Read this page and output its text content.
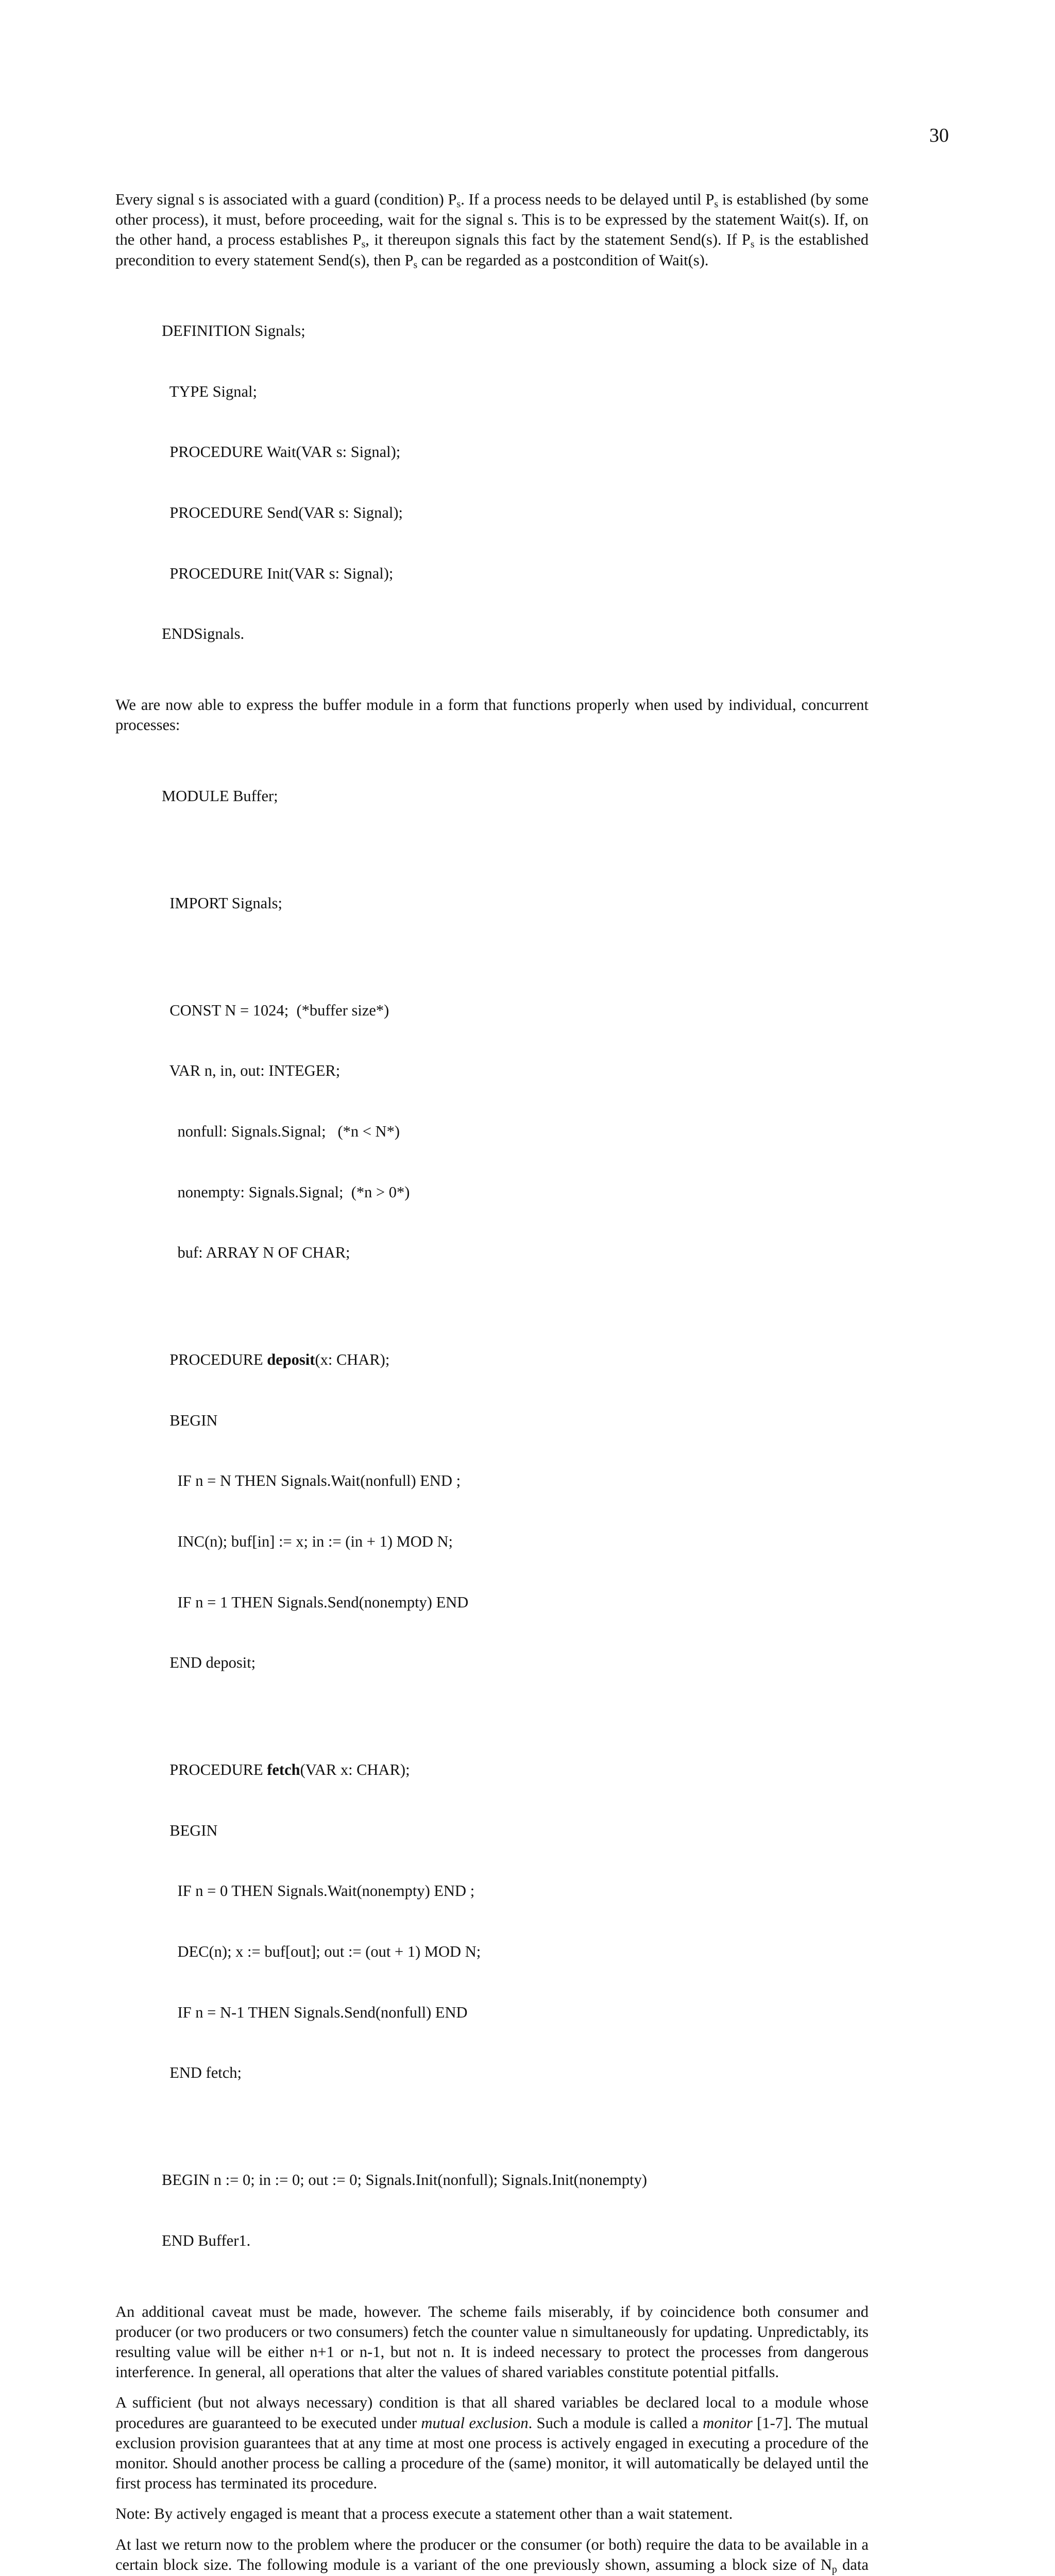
30

Every signal s is associated with a guard (condition) $P_s$. If a process needs to be delayed until $P_s$ is established (by some other process), it must, before proceeding, wait for the signal s. This is to be expressed by the statement Wait(s). If, on the other hand, a process establishes $P_s$, it thereupon signals this fact by the statement Send(s). If $P_s$ is the established precondition to every statement Send(s), then $P_s$ can be regarded as a postcondition of Wait(s).

DEFINITION Signals;

TYPE Signal;

PROCEDURE Wait(VAR s: Signal);

PROCEDURE Send(VAR s: Signal);

PROCEDURE Init(VAR s: Signal);

ENDSignals.

We are now able to express the buffer module in a form that functions properly when used by individual, concurrent processes:

MODULE Buffer;

IMPORT Signals;

CONST N = 1024;  (*buffer size*)

VAR n, in, out: INTEGER;

nonfull: Signals.Signal;   (*n < N*)

nonempty: Signals.Signal;  (*n > 0*)

buf: ARRAY N OF CHAR;

PROCEDURE deposit(x: CHAR);

BEGIN

IF n = N THEN Signals.Wait(nonfull) END ;

INC(n); buf[in] := x; in := (in + 1) MOD N;

IF n = 1 THEN Signals.Send(nonempty) END

END deposit;

PROCEDURE fetch(VAR x: CHAR);

BEGIN

IF n = 0 THEN Signals.Wait(nonempty) END ;

DEC(n); x := buf[out]; out := (out + 1) MOD N;

IF n = N-1 THEN Signals.Send(nonfull) END

END fetch;

BEGIN n := 0; in := 0; out := 0; Signals.Init(nonfull); Signals.Init(nonempty)

END Buffer1.

An additional caveat must be made, however. The scheme fails miserably, if by coincidence both consumer and producer (or two producers or two consumers) fetch the counter value n simultaneously for updating. Unpredictably, its resulting value will be either n+1 or n-1, but not n. It is indeed necessary to protect the processes from dangerous interference. In general, all operations that alter the values of shared variables constitute potential pitfalls.

A sufficient (but not always necessary) condition is that all shared variables be declared local to a module whose procedures are guaranteed to be executed under mutual exclusion. Such a module is called a monitor [1-7]. The mutual exclusion provision guarantees that at any time at most one process is actively engaged in executing a procedure of the monitor. Should another process be calling a procedure of the (same) monitor, it will automatically be delayed until the first process has terminated its procedure.

Note: By actively engaged is meant that a process execute a statement other than a wait statement.

At last we return now to the problem where the producer or the consumer (or both) require the data to be available in a certain block size. The following module is a variant of the one previously shown, assuming a block size of $N_p$ data
